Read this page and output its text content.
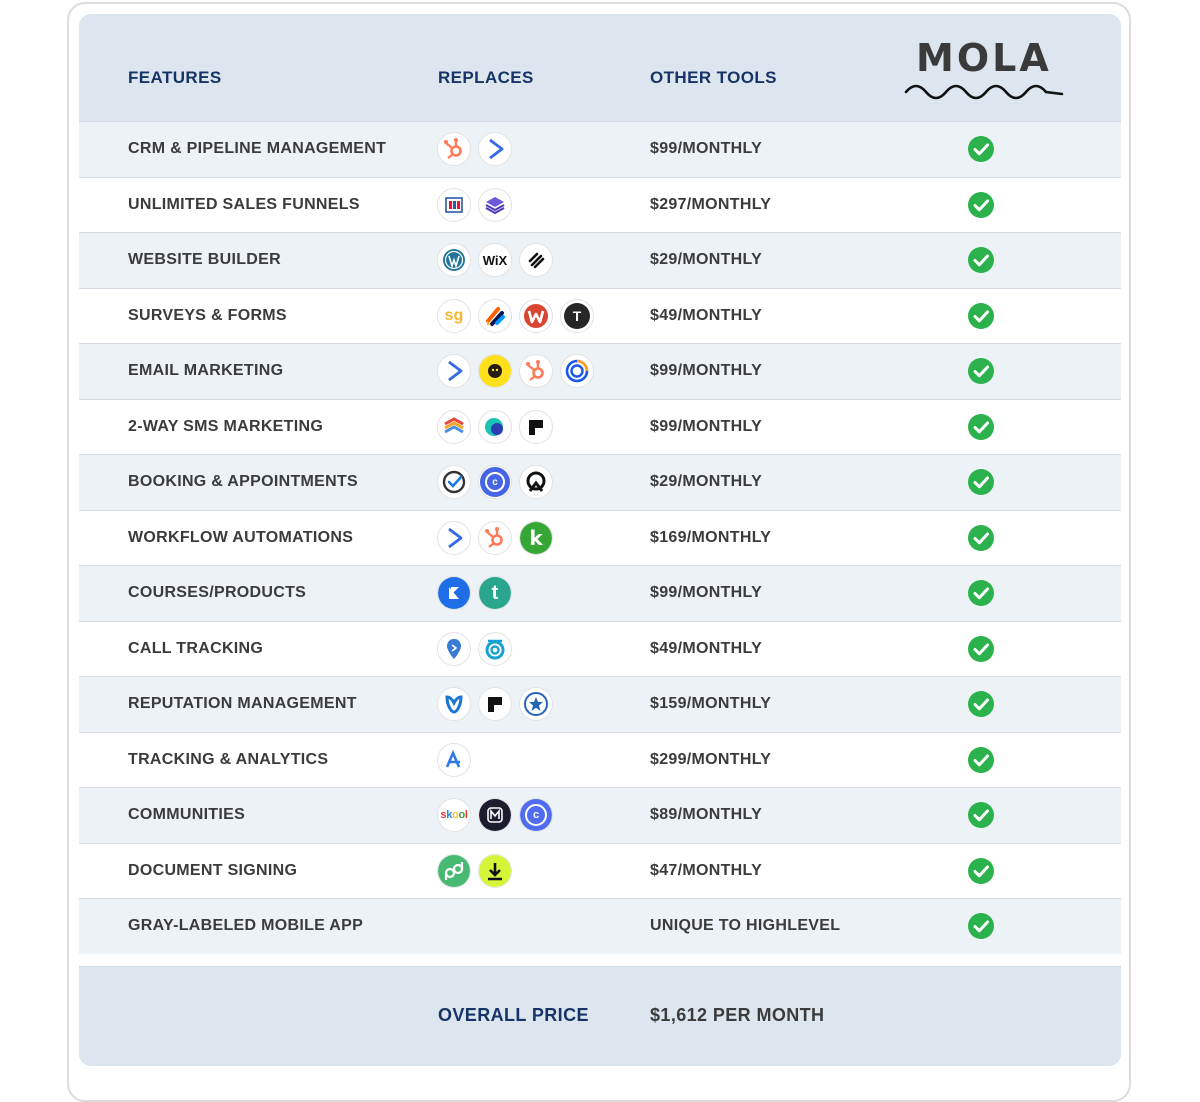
FEATURES	REPLACES	OTHER TOOLS	MOLA
CRM & PIPELINE MANAGEMENT	$99/MONTHLY
UNLIMITED SALES FUNNELS	$297/MONTHLY
WEBSITE BUILDER	WiX	$29/MONTHLY
SURVEYS & FORMS	sg	T	$49/MONTHLY
EMAIL MARKETING	$99/MONTHLY
2-WAY SMS MARKETING	$99/MONTHLY
BOOKING & APPOINTMENTS	c	$29/MONTHLY
WORKFLOW AUTOMATIONS	k	$169/MONTHLY
COURSES/PRODUCTS	t	$99/MONTHLY
CALL TRACKING	$49/MONTHLY
REPUTATION MANAGEMENT	$159/MONTHLY
TRACKING & ANALYTICS	$299/MONTHLY
COMMUNITIES	skool	c	$89/MONTHLY
DOCUMENT SIGNING	$47/MONTHLY
GRAY-LABELED MOBILE APP	UNIQUE TO HIGHLEVEL
OVERALL PRICE	$1,612 PER MONTH
